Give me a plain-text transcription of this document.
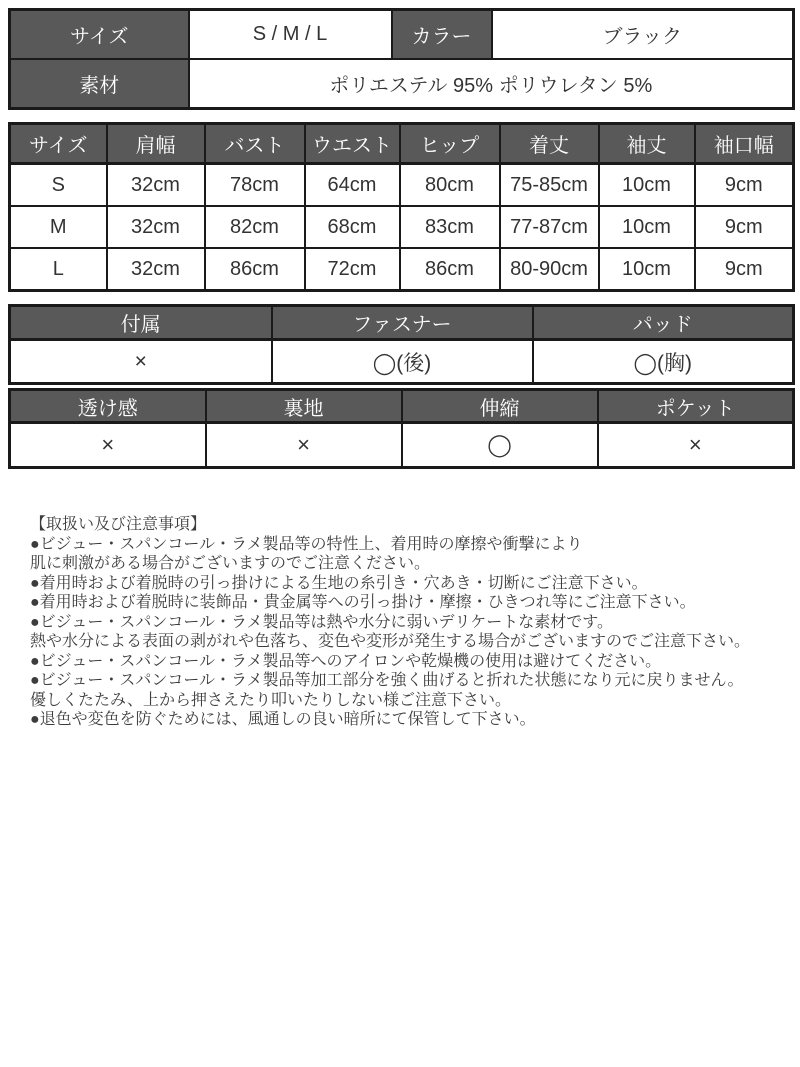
サイズ	S / M / L	カラー	ブラック
素材	ポリエステル 95% ポリウレタン 5%		
サイズ	肩幅	バスト	ウエスト	ヒップ	着丈	袖丈	袖口幅
S	32cm	78cm	64cm	80cm	75-85cm	10cm	9cm
M	32cm	82cm	68cm	83cm	77-87cm	10cm	9cm
L	32cm	86cm	72cm	86cm	80-90cm	10cm	9cm
付属	ファスナー	パッド
×	◯(後)	◯(胸)
透け感	裏地	伸縮	ポケット
×	×	◯	×
【取扱い及び注意事項】
●ビジュー・スパンコール・ラメ製品等の特性上、着用時の摩擦や衝撃により
肌に刺激がある場合がございますのでご注意ください。
●着用時および着脱時の引っ掛けによる生地の糸引き・穴あき・切断にご注意下さい。
●着用時および着脱時に装飾品・貴金属等への引っ掛け・摩擦・ひきつれ等にご注意下さい。
●ビジュー・スパンコール・ラメ製品等は熱や水分に弱いデリケートな素材です。
熱や水分による表面の剥がれや色落ち、変色や変形が発生する場合がございますのでご注意下さい。
●ビジュー・スパンコール・ラメ製品等へのアイロンや乾燥機の使用は避けてください。
●ビジュー・スパンコール・ラメ製品等加工部分を強く曲げると折れた状態になり元に戻りません。
優しくたたみ、上から押さえたり叩いたりしない様ご注意下さい。
●退色や変色を防ぐためには、風通しの良い暗所にて保管して下さい。
